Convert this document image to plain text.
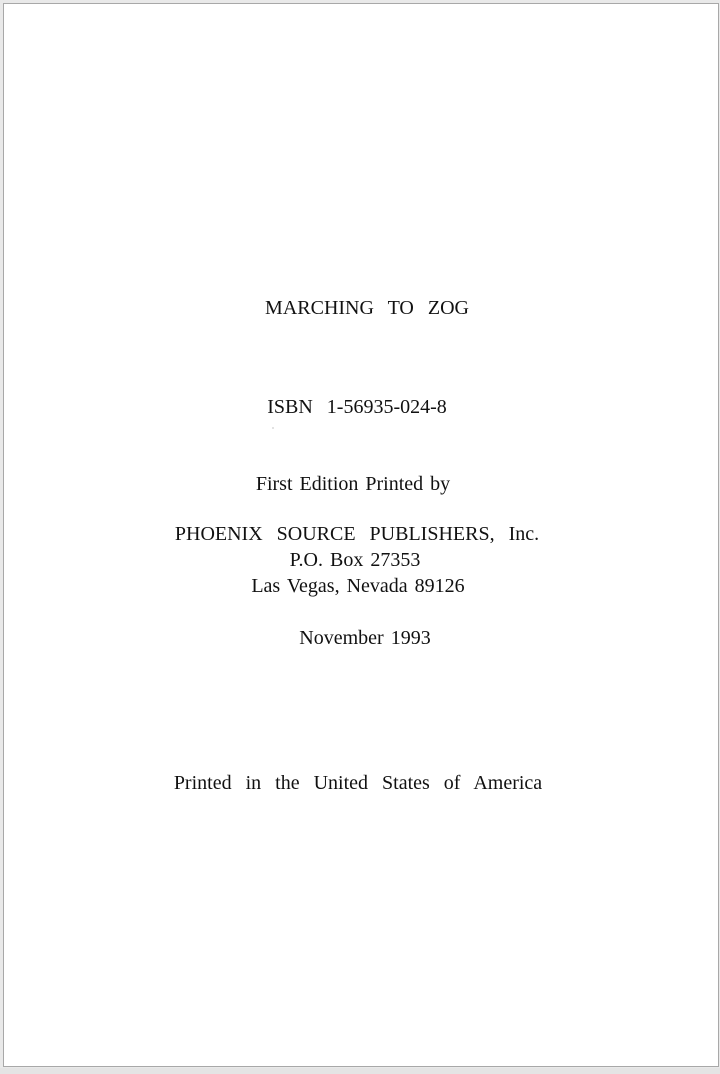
MARCHING  TO  ZOG
ISBN  1-56935-024-8
First Edition Printed by
PHOENIX  SOURCE  PUBLISHERS,  Inc.
P.O. Box 27353
Las Vegas, Nevada 89126
November 1993
Printed  in  the  United  States  of  America
